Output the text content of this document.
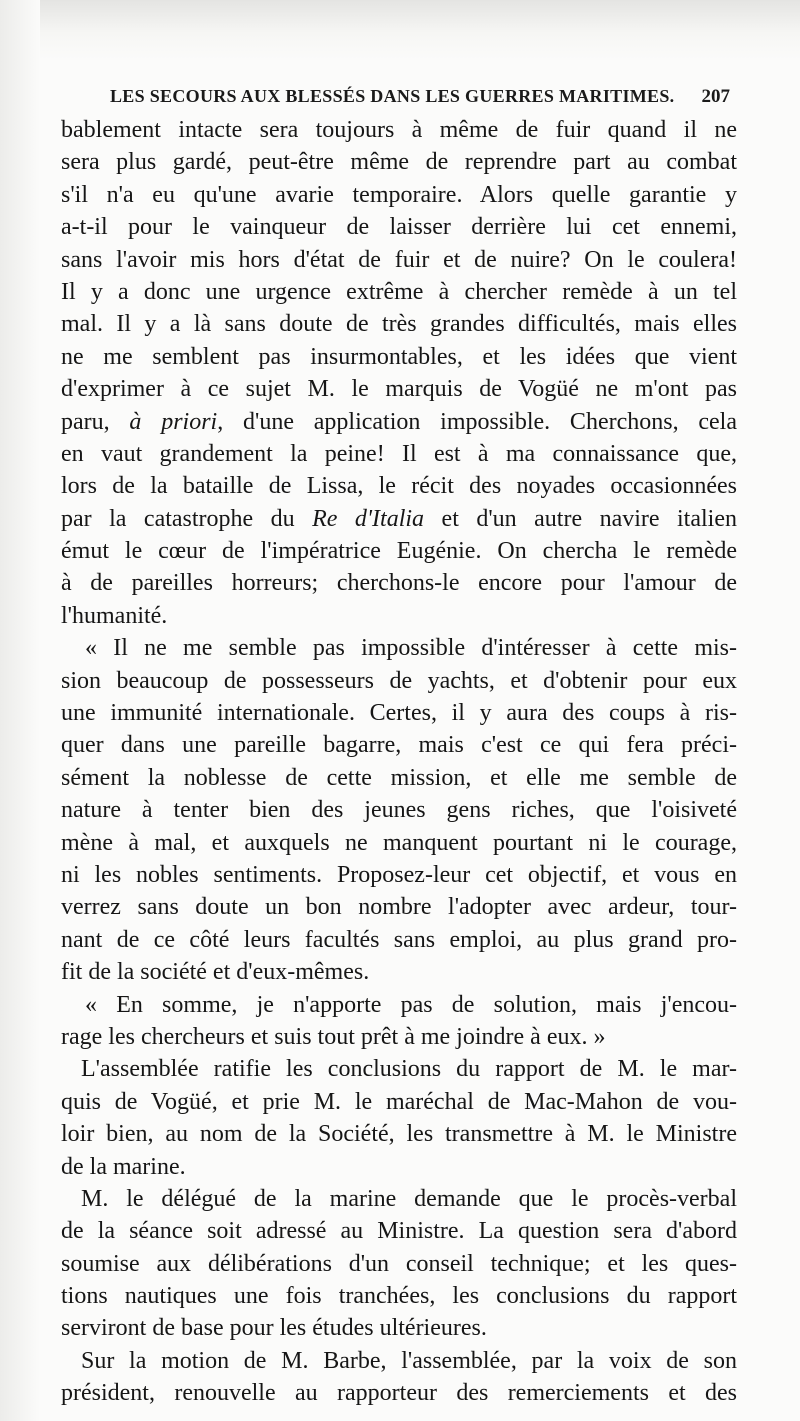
LES SECOURS AUX BLESSÉS DANS LES GUERRES MARITIMES. 207
bablement intacte sera toujours à même de fuir quand il ne
sera plus gardé, peut-être même de reprendre part au combat
s'il n'a eu qu'une avarie temporaire. Alors quelle garantie y
a-t-il pour le vainqueur de laisser derrière lui cet ennemi,
sans l'avoir mis hors d'état de fuir et de nuire? On le coulera!
Il y a donc une urgence extrême à chercher remède à un tel
mal. Il y a là sans doute de très grandes difficultés, mais elles
ne me semblent pas insurmontables, et les idées que vient
d'exprimer à ce sujet M. le marquis de Vogüé ne m'ont pas
paru, à priori, d'une application impossible. Cherchons, cela
en vaut grandement la peine! Il est à ma connaissance que,
lors de la bataille de Lissa, le récit des noyades occasionnées
par la catastrophe du Re d'Italia et d'un autre navire italien
émut le cœur de l'impératrice Eugénie. On chercha le remède
à de pareilles horreurs; cherchons-le encore pour l'amour de
l'humanité.
« Il ne me semble pas impossible d'intéresser à cette mis-
sion beaucoup de possesseurs de yachts, et d'obtenir pour eux
une immunité internationale. Certes, il y aura des coups à ris-
quer dans une pareille bagarre, mais c'est ce qui fera préci-
sément la noblesse de cette mission, et elle me semble de
nature à tenter bien des jeunes gens riches, que l'oisiveté
mène à mal, et auxquels ne manquent pourtant ni le courage,
ni les nobles sentiments. Proposez-leur cet objectif, et vous en
verrez sans doute un bon nombre l'adopter avec ardeur, tour-
nant de ce côté leurs facultés sans emploi, au plus grand pro-
fit de la société et d'eux-mêmes.
« En somme, je n'apporte pas de solution, mais j'encou-
rage les chercheurs et suis tout prêt à me joindre à eux. »
L'assemblée ratifie les conclusions du rapport de M. le mar-
quis de Vogüé, et prie M. le maréchal de Mac-Mahon de vou-
loir bien, au nom de la Société, les transmettre à M. le Ministre
de la marine.
M. le délégué de la marine demande que le procès-verbal
de la séance soit adressé au Ministre. La question sera d'abord
soumise aux délibérations d'un conseil technique; et les ques-
tions nautiques une fois tranchées, les conclusions du rapport
serviront de base pour les études ultérieures.
Sur la motion de M. Barbe, l'assemblée, par la voix de son
président, renouvelle au rapporteur des remerciements et des
